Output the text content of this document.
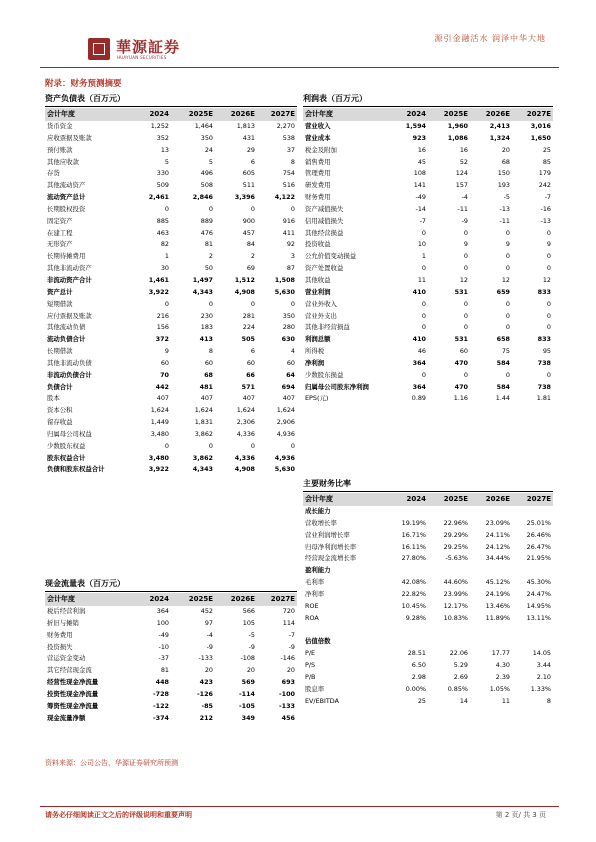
華源証券
HUAYUAN SECURITIES
源引金融活水 润泽中华大地
附录：财务预测摘要
资产负债表（百万元）
会计年度	2024	2025E	2026E	2027E
货币资金	1,252	1,464	1,813	2,270
应收票据及账款	352	350	431	538
预付账款	13	24	29	37
其他应收款	5	5	6	8
存货	330	496	605	754
其他流动资产	509	508	511	516
流动资产总计	2,461	2,846	3,396	4,122
长期股权投资	0	0	0	0
固定资产	885	889	900	916
在建工程	463	476	457	411
无形资产	82	81	84	92
长期待摊费用	1	2	2	3
其他非流动资产	30	50	69	87
非流动资产合计	1,461	1,497	1,512	1,508
资产总计	3,922	4,343	4,908	5,630
短期借款	0	0	0	0
应付票据及账款	216	230	281	350
其他流动负债	156	183	224	280
流动负债合计	372	413	505	630
长期借款	9	8	6	4
其他非流动负债	60	60	60	60
非流动负债合计	70	68	66	64
负债合计	442	481	571	694
股本	407	407	407	407
资本公积	1,624	1,624	1,624	1,624
留存收益	1,449	1,831	2,306	2,906
归属母公司权益	3,480	3,862	4,336	4,936
少数股东权益	0	0	0	0
股东权益合计	3,480	3,862	4,336	4,936
负债和股东权益合计	3,922	4,343	4,908	5,630
利润表（百万元）
会计年度	2024	2025E	2026E	2027E
营业收入	1,594	1,960	2,413	3,016
营业成本	923	1,086	1,324	1,650
税金及附加	16	16	20	25
销售费用	45	52	68	85
管理费用	108	124	150	179
研发费用	141	157	193	242
财务费用	-49	-4	-5	-7
资产减值损失	-14	-11	-13	-16
信用减值损失	-7	-9	-11	-13
其他经营损益	0	0	0	0
投资收益	10	9	9	9
公允价值变动损益	1	0	0	0
资产处置收益	0	0	0	0
其他收益	11	12	12	12
营业利润	410	531	659	833
营业外收入	0	0	0	0
营业外支出	0	0	0	0
其他非经营损益	0	0	0	0
利润总额	410	531	658	833
所得税	46	60	75	95
净利润	364	470	584	738
少数股东损益	0	0	0	0
归属母公司股东净利润	364	470	584	738
EPS(元)	0.89	1.16	1.44	1.81
主要财务比率
会计年度	2024	2025E	2026E	2027E
成长能力				
营收增长率	19.19%	22.96%	23.09%	25.01%
营业利润增长率	16.71%	29.29%	24.11%	26.46%
归母净利润增长率	16.11%	29.25%	24.12%	26.47%
经营现金流增长率	27.80%	-5.63%	34.44%	21.95%
盈利能力				
毛利率	42.08%	44.60%	45.12%	45.30%
净利率	22.82%	23.99%	24.19%	24.47%
ROE	10.45%	12.17%	13.46%	14.95%
ROA	9.28%	10.83%	11.89%	13.11%

估值倍数				
P/E	28.51	22.06	17.77	14.05
P/S	6.50	5.29	4.30	3.44
P/B	2.98	2.69	2.39	2.10
股息率	0.00%	0.85%	1.05%	1.33%
EV/EBITDA	25	14	11	8
现金流量表（百万元）
会计年度	2024	2025E	2026E	2027E
税后经营利润	364	452	566	720
折旧与摊销	100	97	105	114
财务费用	-49	-4	-5	-7
投资损失	-10	-9	-9	-9
营运资金变动	-37	-133	-108	-146
其它经营现金流	81	20	20	20
经营性现金净流量	448	423	569	693
投资性现金净流量	-728	-126	-114	-100
筹资性现金净流量	-122	-85	-105	-133
现金流量净额	-374	212	349	456
资料来源：公司公告，华源证券研究所预测
请务必仔细阅读正文之后的评级说明和重要声明	第 2 页/ 共 3 页
